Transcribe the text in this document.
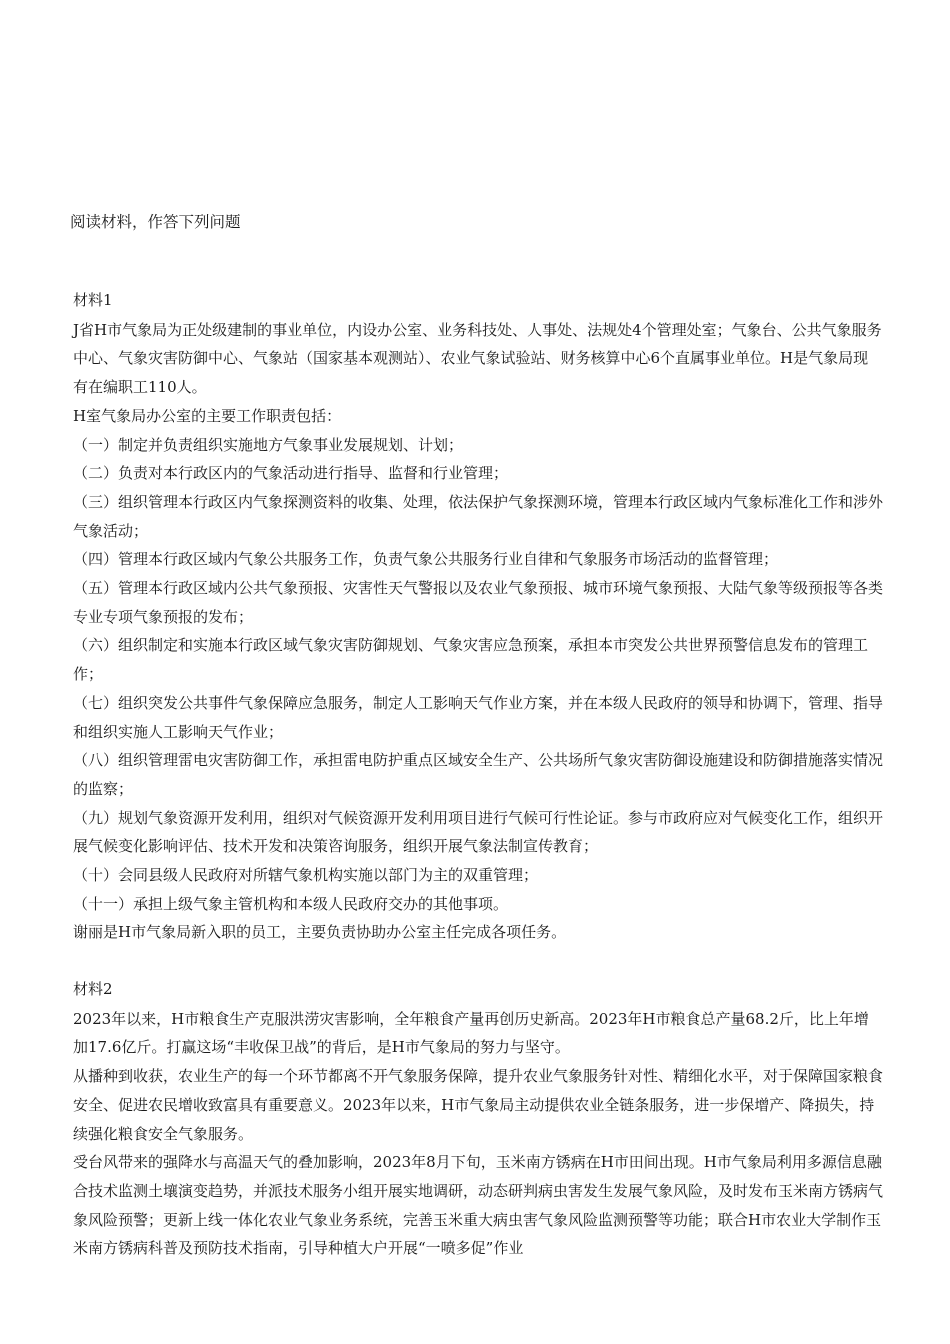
阅读材料，作答下列问题

材料1

J省H市气象局为正处级建制的事业单位，内设办公室、业务科技处、人事处、法规处4个管理处室；气象台、公共气象服务中心、气象灾害防御中心、气象站（国家基本观测站）、农业气象试验站、财务核算中心6个直属事业单位。H是气象局现有在编职工110人。

H室气象局办公室的主要工作职责包括：

（一）制定并负责组织实施地方气象事业发展规划、计划；

（二）负责对本行政区内的气象活动进行指导、监督和行业管理；

（三）组织管理本行政区内气象探测资料的收集、处理，依法保护气象探测环境，管理本行政区域内气象标准化工作和涉外气象活动；

（四）管理本行政区域内气象公共服务工作，负责气象公共服务行业自律和气象服务市场活动的监督管理；

（五）管理本行政区域内公共气象预报、灾害性天气警报以及农业气象预报、城市环境气象预报、大陆气象等级预报等各类专业专项气象预报的发布；

（六）组织制定和实施本行政区域气象灾害防御规划、气象灾害应急预案，承担本市突发公共世界预警信息发布的管理工作；

（七）组织突发公共事件气象保障应急服务，制定人工影响天气作业方案，并在本级人民政府的领导和协调下，管理、指导和组织实施人工影响天气作业；

（八）组织管理雷电灾害防御工作，承担雷电防护重点区域安全生产、公共场所气象灾害防御设施建设和防御措施落实情况的监察；

（九）规划气象资源开发利用，组织对气候资源开发利用项目进行气候可行性论证。参与市政府应对气候变化工作，组织开展气候变化影响评估、技术开发和决策咨询服务，组织开展气象法制宣传教育；

（十）会同县级人民政府对所辖气象机构实施以部门为主的双重管理；

（十一）承担上级气象主管机构和本级人民政府交办的其他事项。

谢丽是H市气象局新入职的员工，主要负责协助办公室主任完成各项任务。

材料2

2023年以来，H市粮食生产克服洪涝灾害影响，全年粮食产量再创历史新高。2023年H市粮食总产量68.2斤，比上年增加17.6亿斤。打赢这场“丰收保卫战”的背后，是H市气象局的努力与坚守。

从播种到收获，农业生产的每一个环节都离不开气象服务保障，提升农业气象服务针对性、精细化水平，对于保障国家粮食安全、促进农民增收致富具有重要意义。2023年以来，H市气象局主动提供农业全链条服务，进一步保增产、降损失，持续强化粮食安全气象服务。

受台风带来的强降水与高温天气的叠加影响，2023年8月下旬，玉米南方锈病在H市田间出现。H市气象局利用多源信息融合技术监测土壤演变趋势，并派技术服务小组开展实地调研，动态研判病虫害发生发展气象风险，及时发布玉米南方锈病气象风险预警；更新上线一体化农业气象业务系统，完善玉米重大病虫害气象风险监测预警等功能；联合H市农业大学制作玉米南方锈病科普及预防技术指南，引导种植大户开展“一喷多促”作业
